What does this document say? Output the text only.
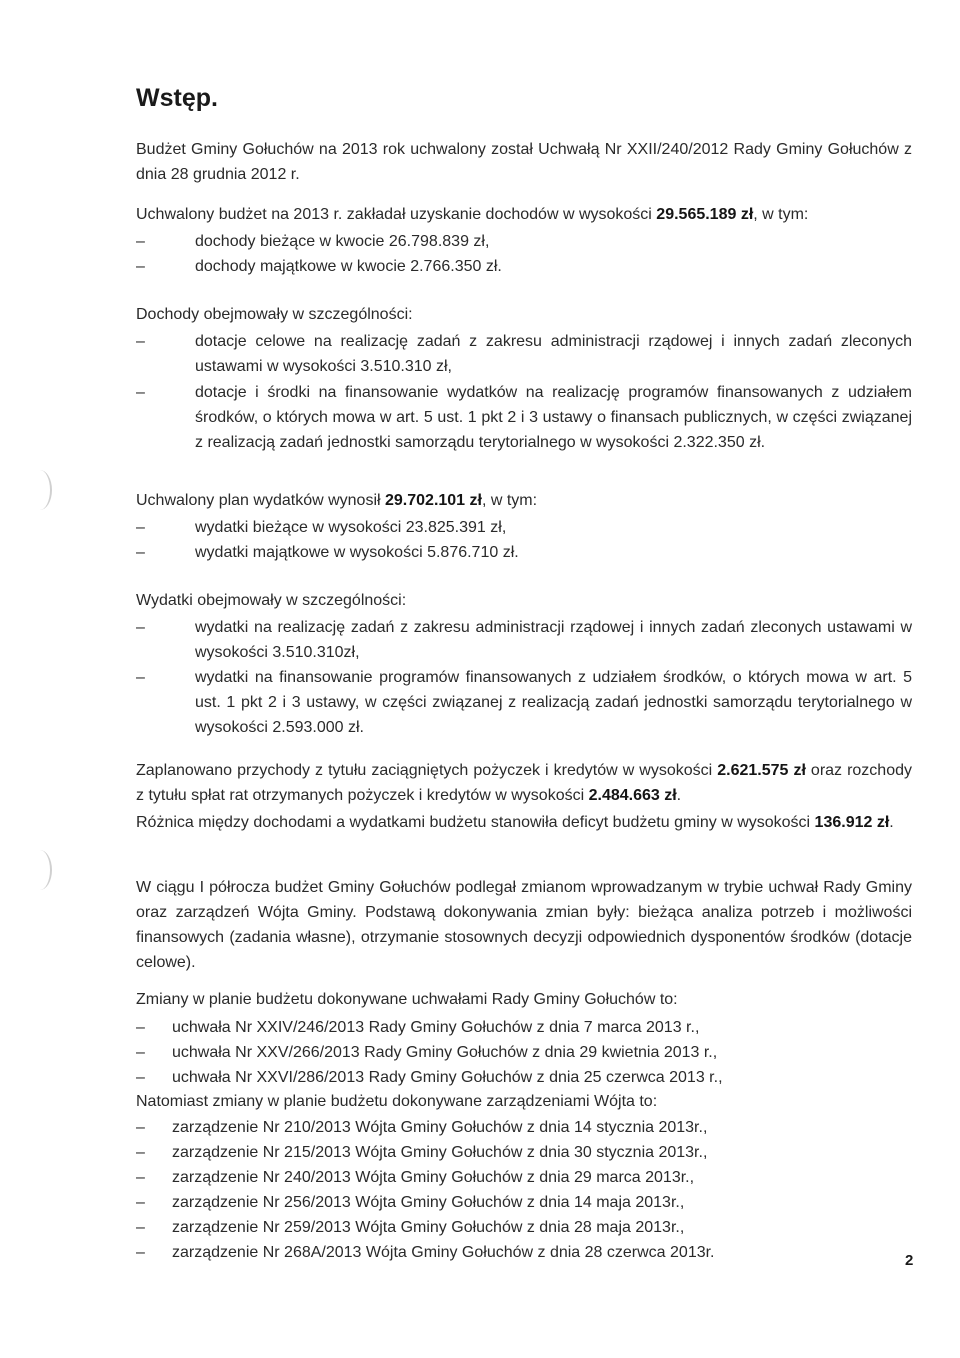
Wstęp.

Budżet Gminy Gołuchów na 2013 rok uchwalony został Uchwałą Nr XXII/240/2012 Rady Gminy Gołuchów z dnia 28 grudnia 2012 r.

Uchwalony budżet na 2013 r. zakładał uzyskanie dochodów w wysokości 29.565.189 zł, w tym:

–	dochody bieżące w kwocie 26.798.839 zł,
–	dochody majątkowe w kwocie 2.766.350 zł.

Dochody obejmowały w szczególności:

–	dotacje celowe na realizację zadań z zakresu administracji rządowej i innych zadań zleconych ustawami w wysokości 3.510.310 zł,
–	dotacje i środki na finansowanie wydatków na realizację programów finansowanych z udziałem środków, o których mowa w art. 5 ust. 1 pkt 2 i 3 ustawy o finansach publicznych, w części związanej z realizacją zadań jednostki samorządu terytorialnego w wysokości 2.322.350 zł.

Uchwalony plan wydatków wynosił 29.702.101 zł, w tym:

–	wydatki bieżące w wysokości 23.825.391 zł,
–	wydatki majątkowe w wysokości 5.876.710 zł.

Wydatki obejmowały w szczególności:

–	wydatki na realizację zadań z zakresu administracji rządowej i innych zadań zleconych ustawami w wysokości 3.510.310zł,
–	wydatki na finansowanie programów finansowanych z udziałem środków, o których mowa w art. 5 ust. 1 pkt 2 i 3 ustawy, w części związanej z realizacją zadań jednostki samorządu terytorialnego w wysokości 2.593.000 zł.

Zaplanowano przychody z tytułu zaciągniętych pożyczek i kredytów w wysokości 2.621.575 zł oraz rozchody z tytułu spłat rat otrzymanych pożyczek i kredytów w wysokości 2.484.663 zł.

Różnica między dochodami a wydatkami budżetu stanowiła deficyt budżetu gminy w wysokości 136.912 zł.

W ciągu I półrocza budżet Gminy Gołuchów podlegał zmianom wprowadzanym w trybie uchwał Rady Gminy oraz zarządzeń Wójta Gminy. Podstawą dokonywania zmian były: bieżąca analiza potrzeb i możliwości finansowych (zadania własne), otrzymanie stosownych decyzji odpowiednich dysponentów środków (dotacje celowe).

Zmiany w planie budżetu dokonywane uchwałami Rady Gminy Gołuchów to:

–	uchwała Nr XXIV/246/2013 Rady Gminy Gołuchów z dnia 7 marca 2013 r.,
–	uchwała Nr XXV/266/2013 Rady Gminy Gołuchów z dnia 29 kwietnia 2013 r.,
–	uchwała Nr XXVI/286/2013 Rady Gminy Gołuchów z dnia 25 czerwca 2013 r.,

Natomiast zmiany w planie budżetu dokonywane zarządzeniami Wójta to:

–	zarządzenie Nr 210/2013 Wójta Gminy Gołuchów z dnia 14 stycznia 2013r.,
–	zarządzenie Nr 215/2013 Wójta Gminy Gołuchów z dnia 30 stycznia 2013r.,
–	zarządzenie Nr 240/2013 Wójta Gminy Gołuchów z dnia 29 marca 2013r.,
–	zarządzenie Nr 256/2013 Wójta Gminy Gołuchów z dnia 14 maja 2013r.,
–	zarządzenie Nr 259/2013 Wójta Gminy Gołuchów z dnia 28 maja 2013r.,
–	zarządzenie Nr 268A/2013 Wójta Gminy Gołuchów z dnia 28 czerwca 2013r.	2
